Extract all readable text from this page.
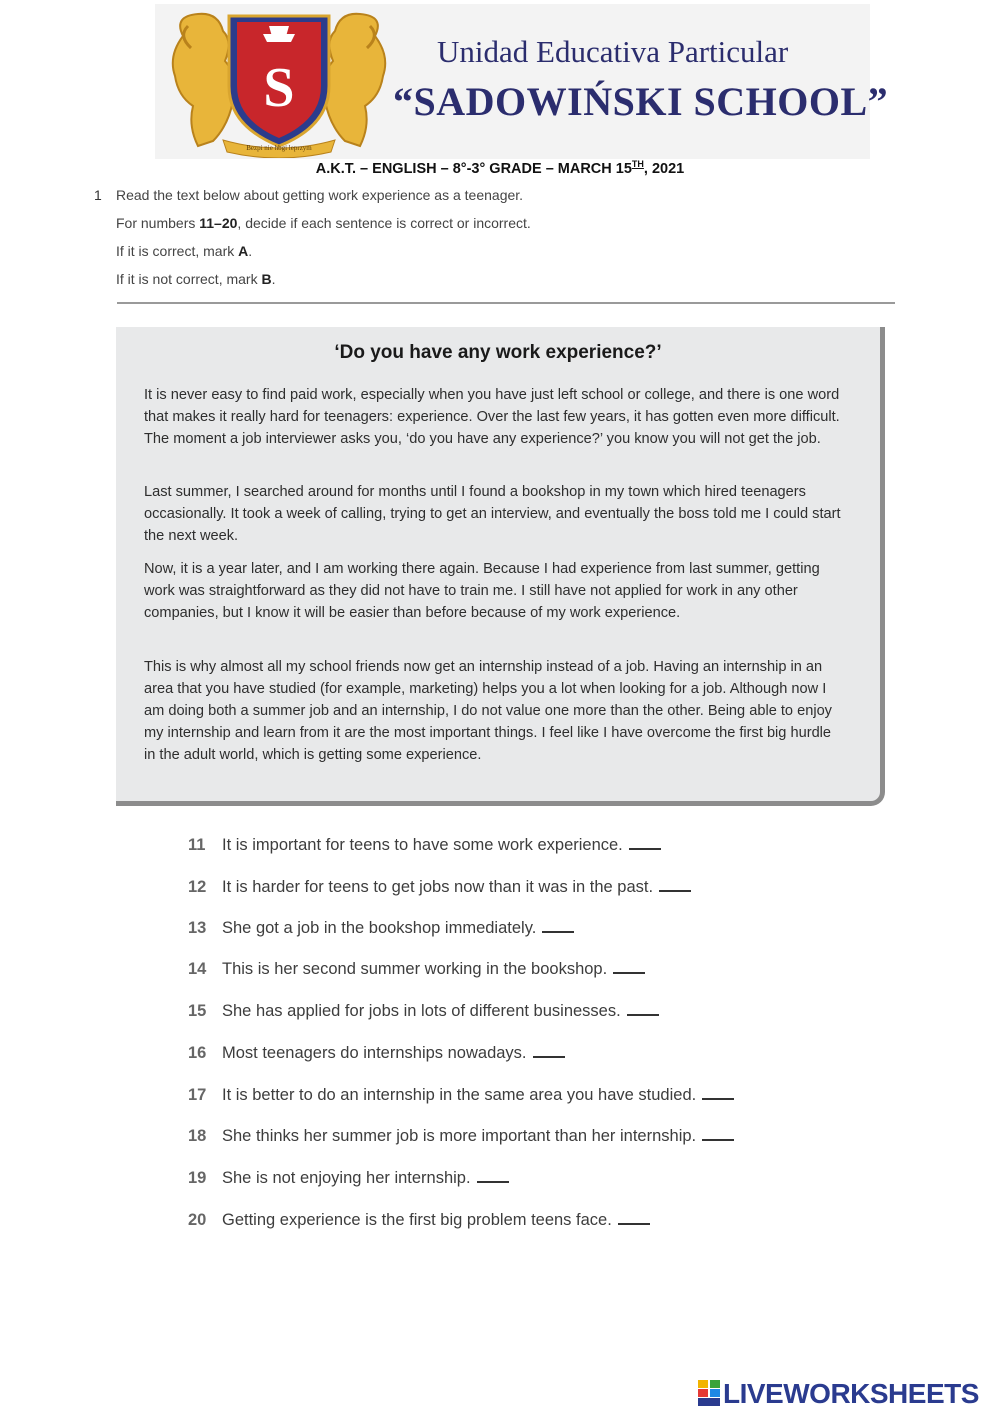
S
Bezpi nie hbgi leprzym
Unidad Educativa Particular
“SADOWIŃSKI SCHOOL”
A.K.T. – ENGLISH – 8°-3° GRADE – MARCH 15TH, 2021
1 Read the text below about getting work experience as a teenager.
For numbers 11–20, decide if each sentence is correct or incorrect.
If it is correct, mark A.
If it is not correct, mark B.
‘Do you have any work experience?’
It is never easy to find paid work, especially when you have just left school or college, and there is one word that makes it really hard for teenagers: experience. Over the last few years, it has gotten even more difficult. The moment a job interviewer asks you, ‘do you have any experience?’ you know you will not get the job.
Last summer, I searched around for months until I found a bookshop in my town which hired teenagers occasionally. It took a week of calling, trying to get an interview, and eventually the boss told me I could start the next week.
Now, it is a year later, and I am working there again. Because I had experience from last summer, getting work was straightforward as they did not have to train me. I still have not applied for work in any other companies, but I know it will be easier than before because of my work experience.
This is why almost all my school friends now get an internship instead of a job. Having an internship in an area that you have studied (for example, marketing) helps you a lot when looking for a job. Although now I am doing both a summer job and an internship, I do not value one more than the other. Being able to enjoy my internship and learn from it are the most important things. I feel like I have overcome the first big hurdle in the adult world, which is getting some experience.
11 It is important for teens to have some work experience.
12 It is harder for teens to get jobs now than it was in the past.
13 She got a job in the bookshop immediately.
14 This is her second summer working in the bookshop.
15 She has applied for jobs in lots of different businesses.
16 Most teenagers do internships nowadays.
17 It is better to do an internship in the same area you have studied.
18 She thinks her summer job is more important than her internship.
19 She is not enjoying her internship.
20 Getting experience is the first big problem teens face.
LIVEWORKSHEETS
